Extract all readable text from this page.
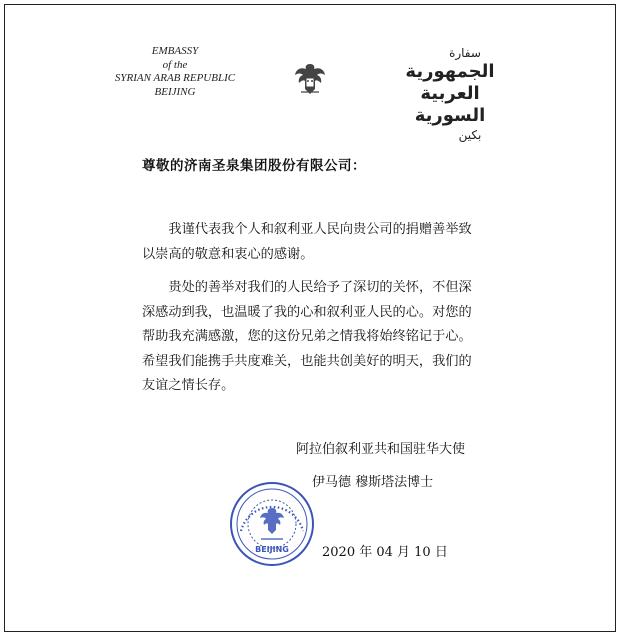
EMBASSY
of the
SYRIAN ARAB REPUBLIC
BEIJING
سفارة
الجمهورية العربية السورية
بكين
尊敬的济南圣泉集团股份有限公司：

我谨代表我个人和叙利亚人民向贵公司的捐赠善举致以崇高的敬意和衷心的感谢。

贵处的善举对我们的人民给予了深切的关怀，不但深深感动到我，也温暖了我的心和叙利亚人民的心。对您的帮助我充满感激，您的这份兄弟之情我将始终铭记于心。希望我们能携手共度难关，也能共创美好的明天，我们的友谊之情长存。

阿拉伯叙利亚共和国驻华大使
伊马德 穆斯塔法博士
BEIJING	2020 年 04 月 10 日
